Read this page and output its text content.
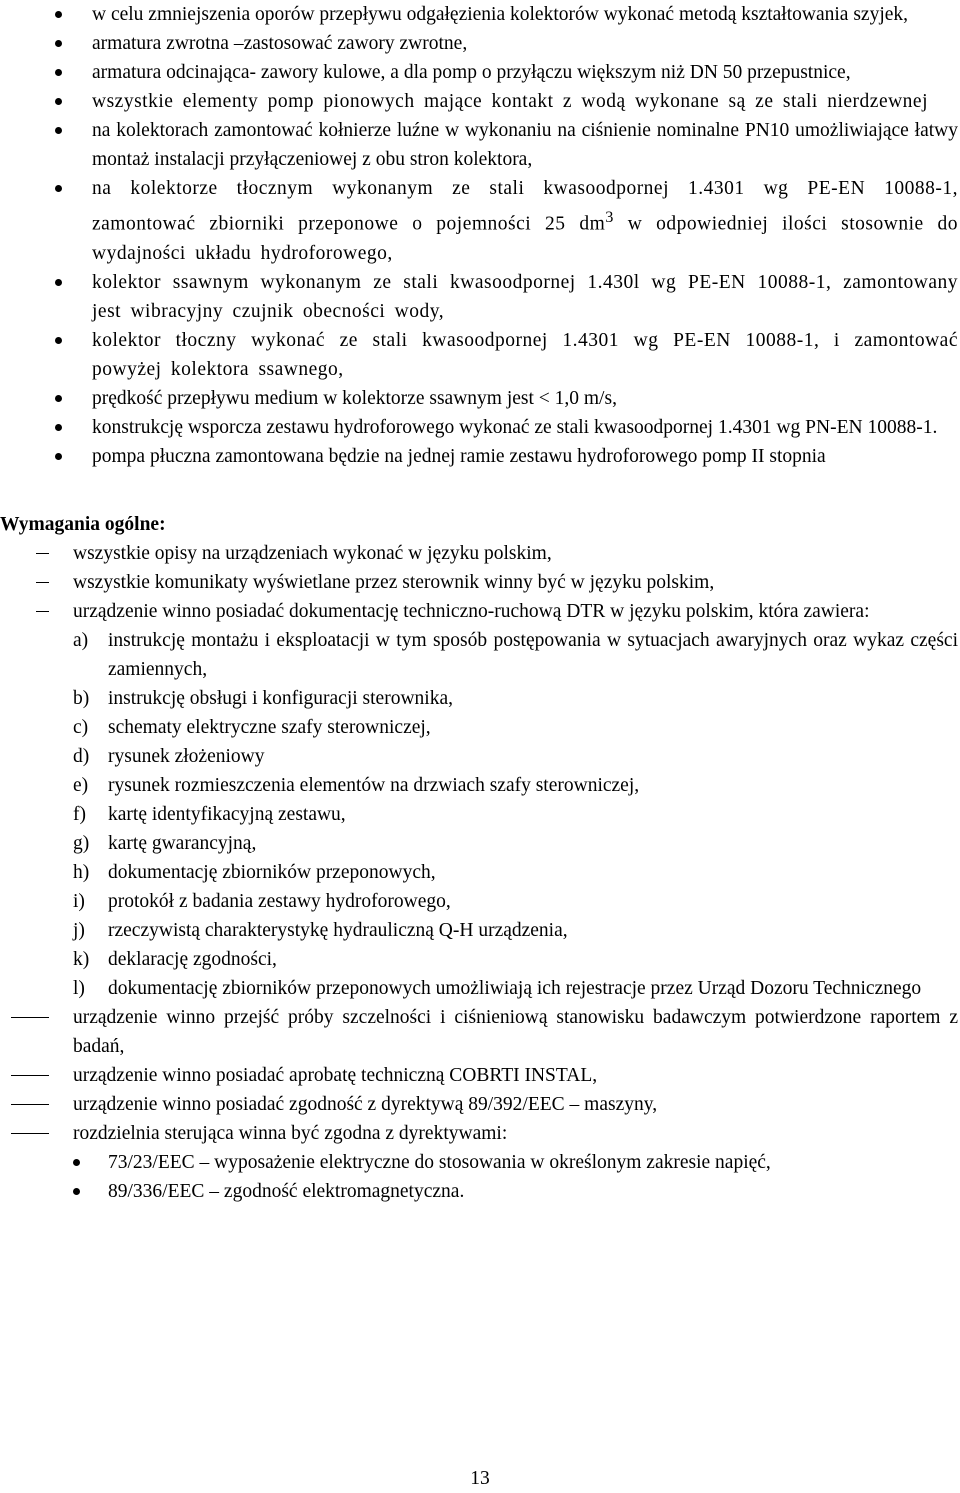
w celu zmniejszenia oporów przepływu odgałęzienia kolektorów wykonać metodą kształtowania szyjek,
armatura zwrotna –zastosować zawory zwrotne,
armatura odcinająca- zawory kulowe, a dla pomp o przyłączu większym niż DN 50 przepustnice,
wszystkie elementy pomp pionowych mające kontakt z wodą wykonane są ze stali nierdzewnej
na kolektorach zamontować kołnierze luźne w wykonaniu na ciśnienie nominalne PN10 umożliwiające łatwy montaż instalacji przyłączeniowej z obu stron kolektora,
na kolektorze tłocznym wykonanym ze stali kwasoodpornej 1.4301 wg PE-EN 10088-1, zamontować zbiorniki przeponowe o pojemności 25 $dm^3$ w odpowiedniej ilości stosownie do wydajności układu hydroforowego,
kolektor ssawnym wykonanym ze stali kwasoodpornej 1.430l wg PE-EN 10088-1, zamontowany jest wibracyjny czujnik obecności wody,
kolektor tłoczny wykonać ze stali kwasoodpornej 1.4301 wg PE-EN 10088-1, i zamontować powyżej kolektora ssawnego,
prędkość przepływu medium w kolektorze ssawnym jest < 1,0 m/s,
konstrukcję wsporcza zestawu hydroforowego wykonać ze stali kwasoodpornej 1.4301 wg PN-EN 10088-1.
pompa płuczna zamontowana będzie na jednej ramie zestawu hydroforowego pomp II stopnia
Wymagania ogólne:
wszystkie opisy na urządzeniach wykonać w języku polskim,
wszystkie komunikaty wyświetlane przez sterownik winny być w języku polskim,
urządzenie winno posiadać dokumentację techniczno-ruchową DTR w języku polskim, która zawiera:
a) instrukcję montażu i eksploatacji w tym sposób postępowania w sytuacjach awaryjnych oraz wykaz części zamiennych,
b) instrukcję obsługi i konfiguracji sterownika,
c) schematy elektryczne szafy sterowniczej,
d) rysunek złożeniowy
e) rysunek rozmieszczenia elementów na drzwiach szafy sterowniczej,
f) kartę identyfikacyjną zestawu,
g) kartę gwarancyjną,
h) dokumentację zbiorników przeponowych,
i) protokół z badania zestawy hydroforowego,
j) rzeczywistą charakterystykę hydrauliczną Q-H urządzenia,
k) deklarację zgodności,
l) dokumentację zbiorników przeponowych umożliwiają ich rejestracje przez Urząd Dozoru Technicznego
urządzenie winno przejść próby szczelności i ciśnieniową stanowisku badawczym potwierdzone raportem z badań,
urządzenie winno posiadać aprobatę techniczną COBRTI INSTAL,
urządzenie winno posiadać zgodność z dyrektywą 89/392/EEC – maszyny,
rozdzielnia sterująca winna być zgodna z dyrektywami:
73/23/EEC – wyposażenie elektryczne do stosowania w określonym zakresie napięć,
89/336/EEC – zgodność elektromagnetyczna.
13
